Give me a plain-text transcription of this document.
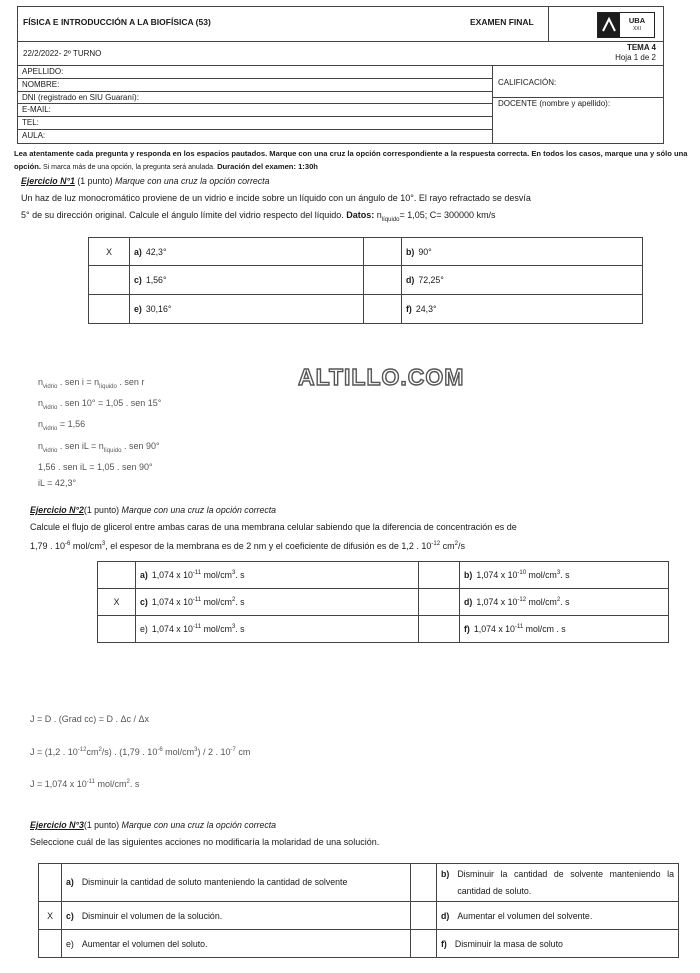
FÍSICA E INTRODUCCIÓN A LA BIOFÍSICA (53)	EXAMEN FINAL	UBA
XXI
22/2/2022- 2º TURNO
TEMA 4
Hoja 1 de 2
APELLIDO:
NOMBRE:
DNI (registrado en SIU Guaraní):
E-MAIL:
TEL:
AULA:
CALIFICACIÓN:
DOCENTE (nombre y apellido):
Lea atentamente cada pregunta y responda en los espacios pautados. Marque con una cruz la opción correspondiente a la respuesta correcta. En todos los casos, marque una y sólo una opción. Si marca más de una opción, la pregunta será anulada. Duración del examen: 1:30h
Ejercicio N°1 (1 punto) Marque con una cruz la opción correcta
Un haz de luz monocromático proviene de un vidrio e incide sobre un líquido con un ángulo de 10°. El rayo refractado se desvía
5° de su dirección original. Calcule el ángulo límite del vidrio respecto del líquido. Datos: $n_{líquido}= 1,05$; C= 300000 km/s
X	a) 42,3°		b) 90°
	c) 1,56°		d) 72,25°
	e) 30,16°		f) 24,3°
ALTILLO.COM
$n_{vidrio}$ . sen $i = n_{líquido}$ . sen r
$n_{vidrio}$ . sen 10° = 1,05 . sen 15°
$n_{vidrio} = 1,56$
$n_{vidrio}$ . sen iL = $n_{líquido}$ . sen 90°
1,56 . sen iL = 1,05 . sen 90°
iL = 42,3°
Ejercicio N°2(1 punto) Marque con una cruz la opción correcta
Calcule el flujo de glicerol entre ambas caras de una membrana celular sabiendo que la diferencia de concentración es de
1,79 . $10^{-6}$ mol/$cm^3$, el espesor de la membrana es de 2 nm y el coeficiente de difusión es de 1,2 . $10^{-12}$ $cm^2/s$
	a) 1,074 x $10^{-11}$ mol/$cm^3$. s		b) 1,074 x $10^{-10}$ mol/$cm^3$. s
X	c) 1,074 x $10^{-11}$ mol/$cm^2$. s		d) 1,074 x $10^{-12}$ mol/$cm^2$. s
	e) 1,074 x $10^{-11}$ mol/$cm^3$. s		f) 1,074 x $10^{-11}$ mol/cm . s
J = D . (Grad cc) = D . Δc / Δx
J = (1,2 . $10^{-12}cm^2/s$) . (1,79 . $10^{-6}$ mol/$cm^3) / 2$ . $10^{-7}$ cm
J = 1,074 x $10^{-11}$ mol/$cm^2$. s
Ejercicio N°3(1 punto) Marque con una cruz la opción correcta
Seleccione cuál de las siguientes acciones no modificaría la molaridad de una solución.

	a) Disminuir la cantidad de soluto manteniendo la cantidad de solvente		b) Disminuir la cantidad de solvente manteniendo la cantidad de soluto.

X	c) Disminuir el volumen de la solución.		d) Aumentar el volumen del solvente.
	e) Aumentar el volumen del soluto.		f) Disminuir la masa de soluto
